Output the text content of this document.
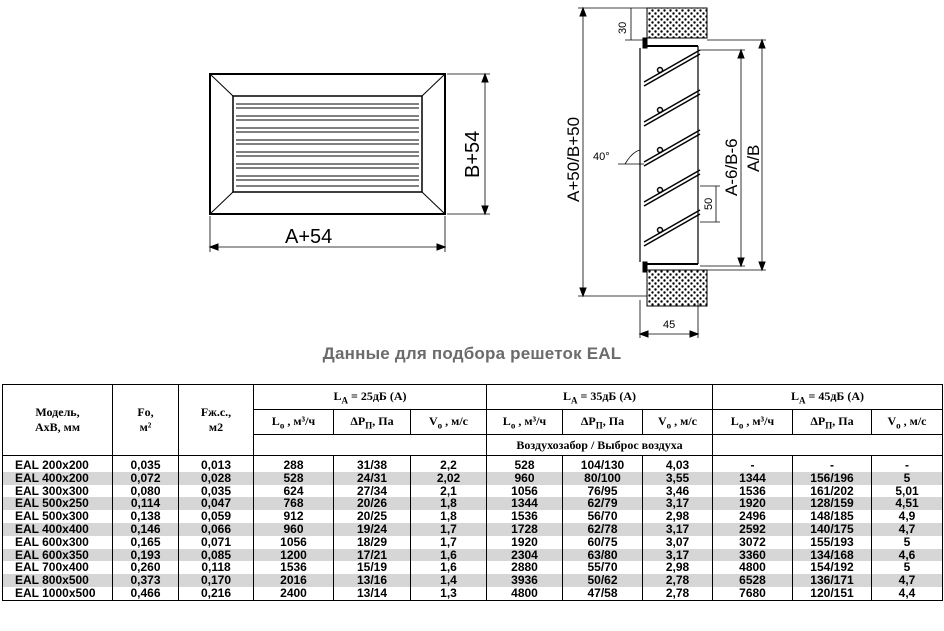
A+54
B+54	A+50/B+50	A-6/B-6 A/B
30
50
45
40°
Данные для подбора решеток EAL
Модель,
АхВ, мм	Fo,
м²	Fж.с.,
м2	$L_A = 25дБ$ (А)			$L_A = 35дБ$ (А)			$L_A = 45дБ$ (А)		
			$L_o$ , м³/ч	$\Delta P_П$, Па	$V_o$ , м/с	$L_o$ , м³/ч	$\Delta P_П$, Па	$V_o$ , м/с	$L_o$ , м³/ч	$\Delta P_П$, Па	$V_o$ , м/с
						Воздухозабор / Выброс воздуха					
EAL 200x200	0,035	0,013	288	31/38	2,2	528	104/130	4,03	-	-	-
EAL 400x200	0,072	0,028	528	24/31	2,02	960	80/100	3,55	1344	156/196	5
EAL 300x300	0,080	0,035	624	27/34	2,1	1056	76/95	3,46	1536	161/202	5,01
EAL 500x250	0,114	0,047	768	20/26	1,8	1344	62/79	3,17	1920	128/159	4,51
EAL 500x300	0,138	0,059	912	20/25	1,8	1536	56/70	2,98	2496	148/185	4,9
EAL 400x400	0,146	0,066	960	19/24	1,7	1728	62/78	3,17	2592	140/175	4,7
EAL 600x300	0,165	0,071	1056	18/29	1,7	1920	60/75	3,07	3072	155/193	5
EAL 600x350	0,193	0,085	1200	17/21	1,6	2304	63/80	3,17	3360	134/168	4,6
EAL 700x400	0,260	0,118	1536	15/19	1,6	2880	55/70	2,98	4800	154/192	5
EAL 800x500	0,373	0,170	2016	13/16	1,4	3936	50/62	2,78	6528	136/171	4,7
EAL 1000x500	0,466	0,216	2400	13/14	1,3	4800	47/58	2,78	7680	120/151	4,4
